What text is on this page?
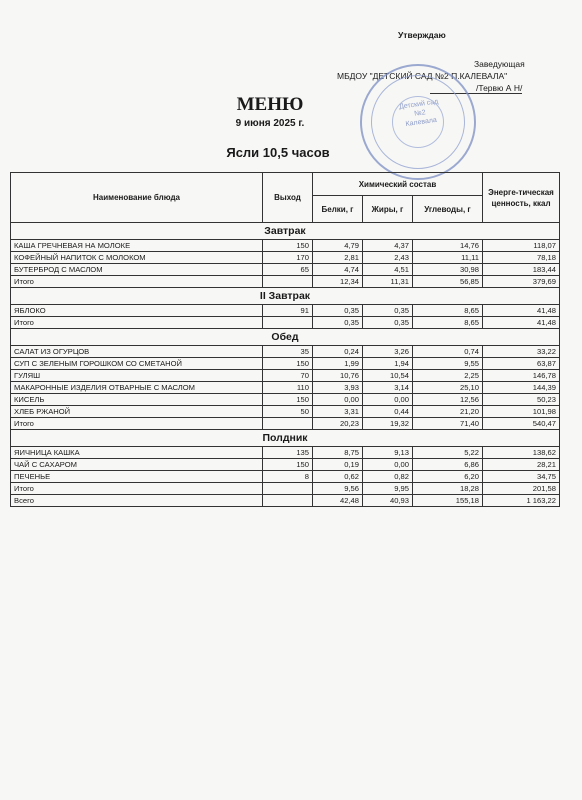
Утверждаю
Заведующая
МБДОУ "ДЕТСКИЙ САД №2 П.КАЛЕВАЛА"
/Тервю А Н/
Детский сад №2 Калевала
МЕНЮ
9 июня 2025 г.
Ясли 10,5 часов
Наименование блюда	Выход	Химический состав			Энерге-тическая ценность, ккал
		Белки, г	Жиры, г	Углеводы, г	
Завтрак					
КАША ГРЕЧНЕВАЯ НА МОЛОКЕ	150	4,79	4,37	14,76	118,07
КОФЕЙНЫЙ НАПИТОК С МОЛОКОМ	170	2,81	2,43	11,11	78,18
БУТЕРБРОД С МАСЛОМ	65	4,74	4,51	30,98	183,44
Итого		12,34	11,31	56,85	379,69
II Завтрак					
ЯБЛОКО	91	0,35	0,35	8,65	41,48
Итого		0,35	0,35	8,65	41,48
Обед					
САЛАТ ИЗ ОГУРЦОВ	35	0,24	3,26	0,74	33,22
СУП С ЗЕЛЕНЫМ ГОРОШКОМ СО СМЕТАНОЙ	150	1,99	1,94	9,55	63,87
ГУЛЯШ	70	10,76	10,54	2,25	146,78
МАКАРОННЫЕ ИЗДЕЛИЯ ОТВАРНЫЕ С МАСЛОМ	110	3,93	3,14	25,10	144,39
КИСЕЛЬ	150	0,00	0,00	12,56	50,23
ХЛЕБ РЖАНОЙ	50	3,31	0,44	21,20	101,98
Итого		20,23	19,32	71,40	540,47
Полдник					
ЯИЧНИЦА КАШКА	135	8,75	9,13	5,22	138,62
ЧАЙ С САХАРОМ	150	0,19	0,00	6,86	28,21
ПЕЧЕНЬЕ	8	0,62	0,82	6,20	34,75
Итого		9,56	9,95	18,28	201,58
Всего		42,48	40,93	155,18	1 163,22
